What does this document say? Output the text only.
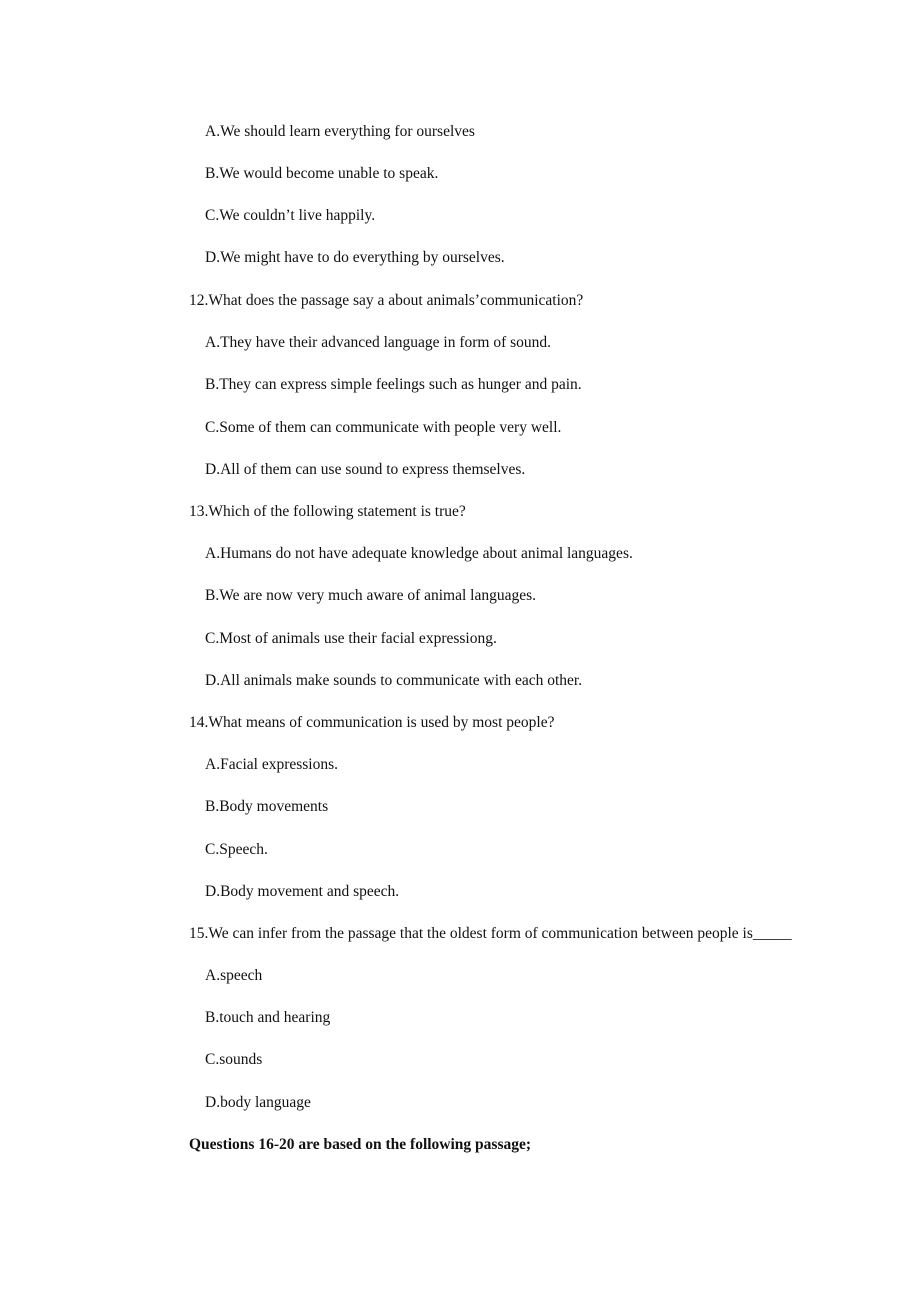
A.We should learn everything for ourselves
B.We would become unable to speak.
C.We couldn’t live happily.
D.We might have to do everything by ourselves.
12.What does the passage say a about animals’communication?
A.They have their advanced language in form of sound.
B.They can express simple feelings such as hunger and pain.
C.Some of them can communicate with people very well.
D.All of them can use sound to express themselves.
13.Which of the following statement is true?
A.Humans do not have adequate knowledge about animal languages.
B.We are now very much aware of animal languages.
C.Most of animals use their facial expressiong.
D.All animals make sounds to communicate with each other.
14.What means of communication is used by most people?
A.Facial expressions.
B.Body movements
C.Speech.
D.Body movement and speech.
15.We can infer from the passage that the oldest form of communication between people is_____
A.speech
B.touch and hearing
C.sounds
D.body language
Questions 16-20 are based on the following passage;
